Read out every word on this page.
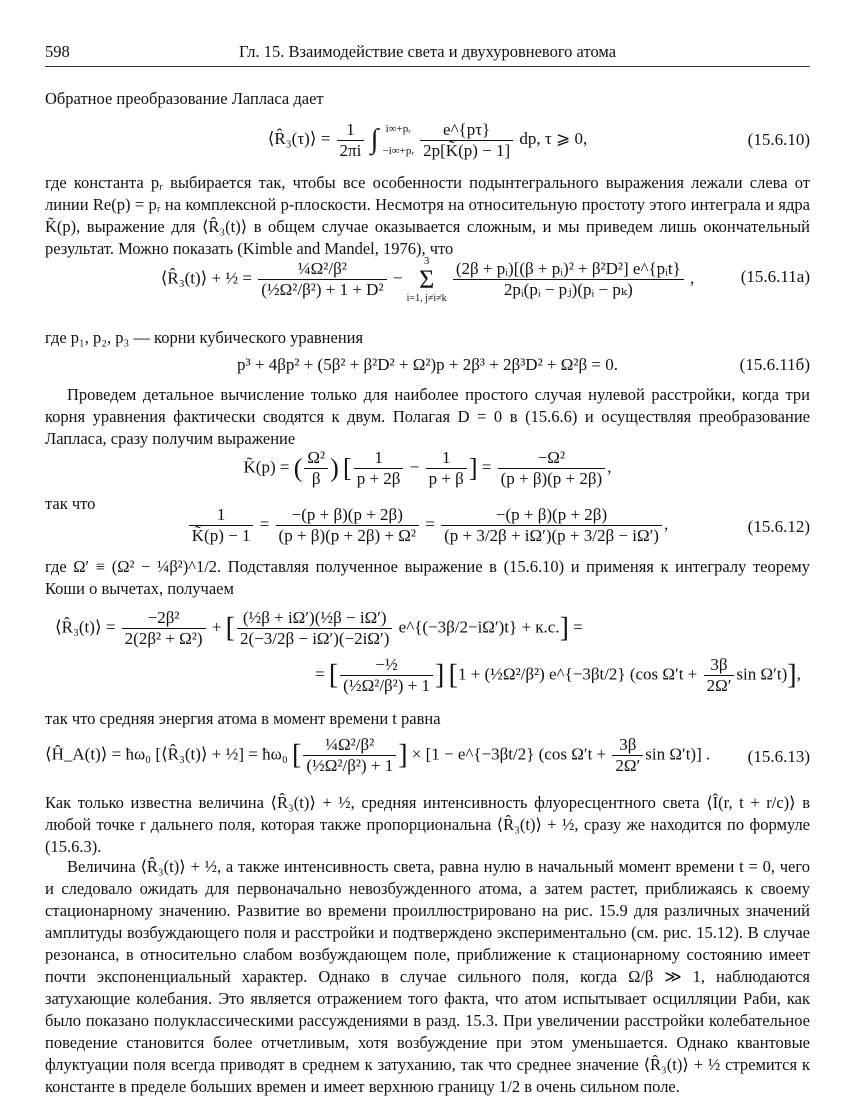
598	Гл. 15. Взаимодействие света и двухуровневого атома
Обратное преобразование Лапласа дает
⟨R̂₃(τ)⟩ = $\frac{1}{2\pi i}$ ∫ i∞+pᵣ
−i∞+pᵣ
$\frac{e\^{}\{p\tau\}}{2p[K̃(p) - 1]}$ dp, τ ⩾ 0,	(15.6.10)
где константа pᵣ выбирается так, чтобы все особенности подынтегрального выражения лежали слева от линии Re(p) = pᵣ на комплексной p-плоскости. Несмотря на относительную простоту этого интеграла и ядра K̃(p), выражение для ⟨R̂₃(t)⟩ в общем случае оказывается сложным, и мы приведем лишь окончательный результат. Можно показать (Kimble and Mandel, 1976), что
⟨R̂₃(t)⟩ + ½ = $\frac{\text{¼Ω²/β²}}{\text{(½Ω²/β²) + 1 + D²}}$ −
3
Σ
i=1, j≠i≠k
$\frac{\text{(2β + pᵢ)[(β + pᵢ)² + β²D²] e\textasciicircum{}\{pᵢt\}}}{\text{2pᵢ(pᵢ − pⱼ)(pᵢ − pₖ)}}$ ,	(15.6.11а)
где p₁, p₂, p₃ — корни кубического уравнения
p³ + 4βp² + (5β² + β²D² + Ω²)p + 2β³ + 2β³D² + Ω²β = 0.	(15.6.11б)
Проведем детальное вычисление только для наиболее простого случая нулевой расстройки, когда три корня уравнения фактически сводятся к двум. Полагая D = 0 в (15.6.6) и осуществляя преобразование Лапласа, сразу получим выражение
K̃(p) = ( $\frac{\text{Ω²}}{\beta}$ ) [ $\frac{1}{p + 2\beta} - \frac{1}{p + \beta}$ ] = $\frac{\text{−Ω²}}{(p + \beta)(p + 2\beta)}$ ,
так что
$\frac{1}{K̃(p) - 1} = \frac{-(p + \beta)(p + 2\beta)}{\text{(p + β)(p + 2β) + Ω²}} = \frac{-(p + \beta)(p + 2\beta)}{(p + 3/2\beta + i\Omega')(p + 3/2\beta - i\Omega')}$ ,	(15.6.12)
где Ω′ ≡ (Ω² − ¼β²)^1/2. Подставляя полученное выражение в (15.6.10) и применяя к интегралу теорему Коши о вычетах, получаем
⟨R̂₃(t)⟩ = $\frac{\text{−2β²}}{\text{2(2β² + Ω²)}}$ + [ $\frac{\text{(½β + iΩ′)(½β − iΩ′)}}{2(-3/2\beta - i\Omega')(-2i\Omega')}$ e^{(−3β/2−iΩ′)t} + к.с.] =
= [ $\frac{\text{−½}}{\text{(½Ω²/β²) + 1}}$ ] [1 + (½Ω²/β²) e^{−3βt/2} (cos $\Omega't + \frac{3\beta}{2\Omega'}$ sin Ω′t)],
так что средняя энергия атома в момент времени t равна
⟨Ĥ_A(t)⟩ = ħω₀ [⟨R̂₃(t)⟩ + ½] = ħω₀ [ $\frac{\text{¼Ω²/β²}}{\text{(½Ω²/β²) + 1}}$ ] × [1 − e^{−3βt/2} (cos $\Omega't + \frac{3\beta}{2\Omega'}$ sin Ω′t)] .	(15.6.13)
Как только известна величина ⟨R̂₃(t)⟩ + ½, средняя интенсивность флуоресцентного света ⟨Î(r, t + r/c)⟩ в любой точке r дальнего поля, которая также пропорциональна ⟨R̂₃(t)⟩ + ½, сразу же находится по формуле (15.6.3).
Величина ⟨R̂₃(t)⟩ + ½, а также интенсивность света, равна нулю в начальный момент времени t = 0, чего и следовало ожидать для первоначально невозбужденного атома, а затем растет, приближаясь к своему стационарному значению. Развитие во времени проиллюстрировано на рис. 15.9 для различных значений амплитуды возбуждающего поля и расстройки и подтверждено экспериментально (см. рис. 15.12). В случае резонанса, в относительно слабом возбуждающем поле, приближение к стационарному состоянию имеет почти экспоненциальный характер. Однако в случае сильного поля, когда Ω/β ≫ 1, наблюдаются затухающие колебания. Это является отражением того факта, что атом испытывает осцилляции Раби, как было показано полуклассическими рассуждениями в разд. 15.3. При увеличении расстройки колебательное поведение становится более отчетливым, хотя возбуждение при этом уменьшается. Однако квантовые флуктуации поля всегда приводят в среднем к затуханию, так что среднее значение ⟨R̂₃(t)⟩ + ½ стремится к константе в пределе больших времен и имеет верхнюю границу 1/2 в очень сильном поле.
